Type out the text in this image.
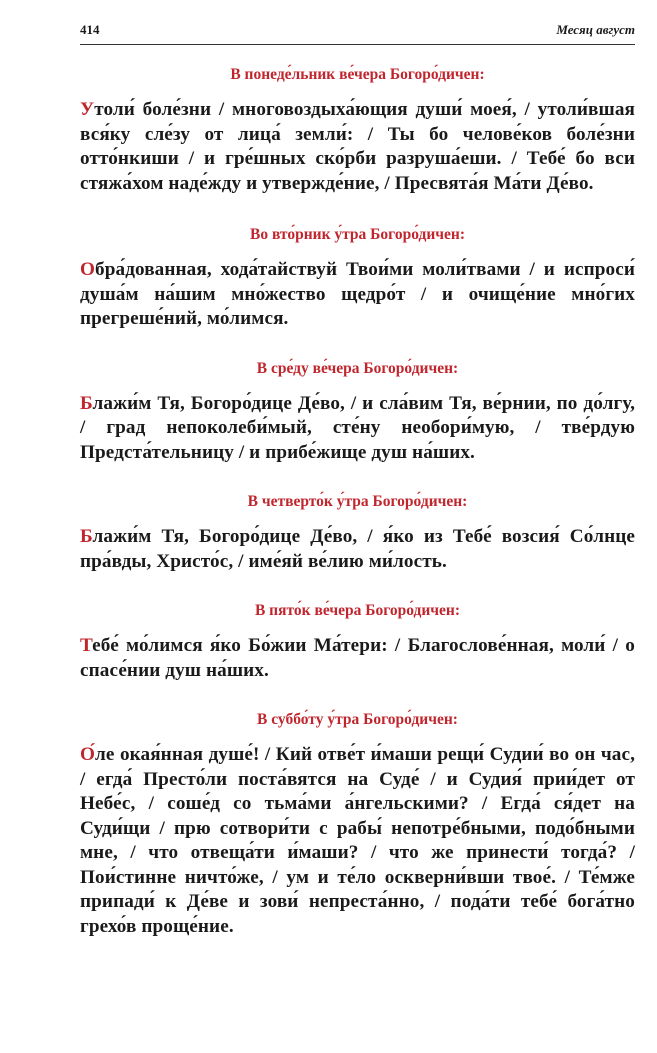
414	Месяц август
В понеде́льник ве́чера Богоро́дичен:

Утоли́ боле́зни / многовоздыха́ющия души́ моея́, / утоли́вшая вся́ку сле́зу от лица́ земли́: / Ты бо челове́ков боле́зни отто́нкиши / и гре́шных ско́рби разруша́еши. / Тебе́ бо вси стяжа́хом наде́жду и утвержде́ние, / Пресвята́я Ма́ти Де́во.

Во вто́рник у́тра Богоро́дичен:

Обра́дованная, хода́тайствуй Твои́ми моли́твами / и испроси́ душа́м на́шим мно́жество щедро́т / и очище́ние мно́гих прегреше́ний, мо́лимся.

В сре́ду ве́чера Богоро́дичен:

Блажи́м Тя, Богоро́дице Де́во, / и сла́вим Тя, ве́рнии, по до́лгу, / град непоколеби́мый, сте́ну необори́мую, / тве́рдую Предста́тельницу / и прибе́жище душ на́ших.

В четверто́к у́тра Богоро́дичен:

Блажи́м Тя, Богоро́дице Де́во, / я́ко из Тебе́ возсия́ Со́лнце пра́вды, Христо́с, / име́яй ве́лию ми́лость.

В пято́к ве́чера Богоро́дичен:

Тебе́ мо́лимся я́ко Бо́жии Ма́тери: / Благослове́нная, моли́ / о спасе́нии душ на́ших.

В суббо́ту у́тра Богоро́дичен:

О́ле окая́нная душе́! / Кий отве́т и́маши рещи́ Судии́ во он час, / егда́ Престо́ли поста́вятся на Суде́ / и Судия́ прии́дет от Небе́с, / соше́д со тьма́ми а́нгельскими? / Егда́ ся́дет на Суди́щи / прю сотвори́ти с рабы́ непотре́бными, подо́бными мне, / что отвеща́ти и́маши? / что же принести́ тогда́? / Пои́стинне ничто́же, / ум и те́ло оскверни́вши твое́. / Те́мже припади́ к Де́ве и зови́ непреста́нно, / пода́ти тебе́ бога́тно грехо́в проще́ние.
